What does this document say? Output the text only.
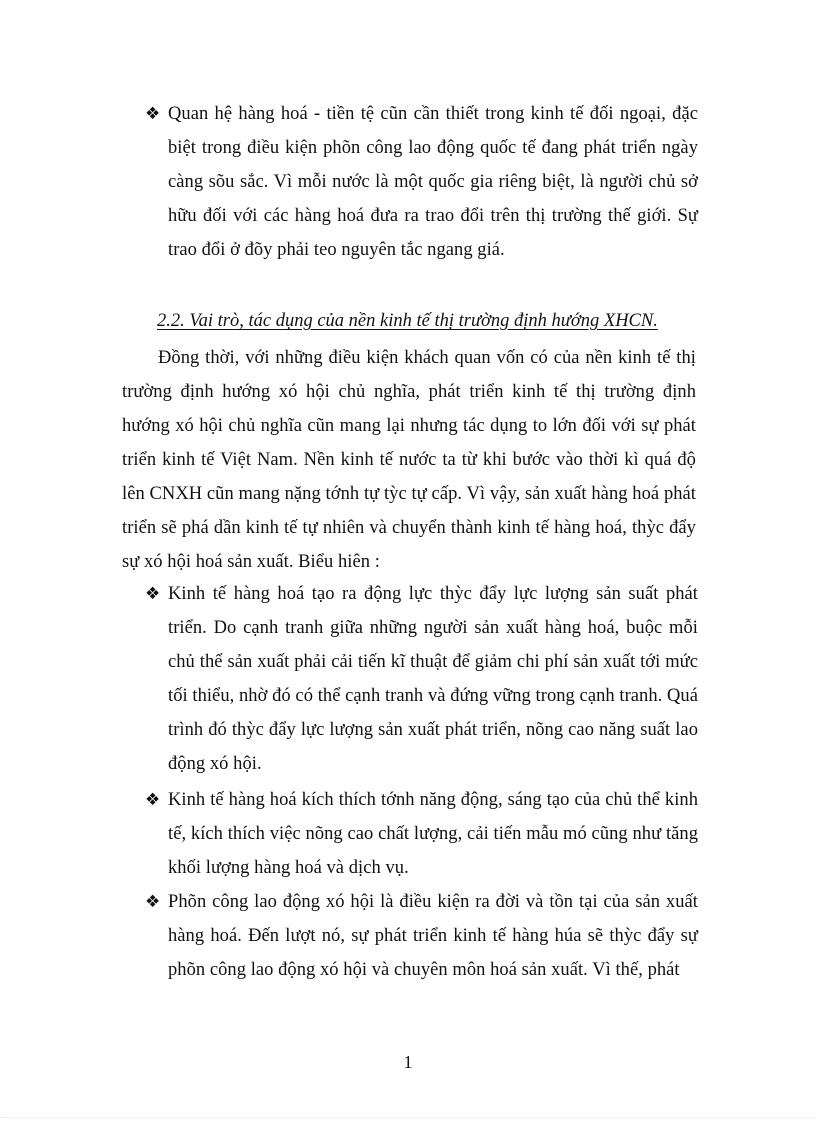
❖ Quan hệ hàng hoá - tiền tệ cũn cần thiết trong kinh tế đối ngoại, đặc biệt trong điều kiện phõn công lao động quốc tế đang phát triển ngày càng sõu sắc. Vì mỗi nước là một quốc gia riêng biệt, là người chủ sở hữu đối với các hàng hoá đưa ra trao đổi trên thị trường thế giới. Sự trao đổi ở đõy phải teo nguyên tắc ngang giá.
2.2. Vai trò, tác dụng của nền kinh tế thị trường định hướng XHCN.
Đồng thời, với những điều kiện khách quan vốn có của nền kinh tế thị trường định hướng xó hội chủ nghĩa, phát triển kinh tế thị trường định hướng xó hội chủ nghĩa cũn mang lại nhưng tác dụng to lớn đối với sự phát triển kinh tế Việt Nam. Nền kinh tế nước ta từ khi bước vào thời kì quá độ lên CNXH cũn mang nặng tớnh tự tỳc tự cấp. Vì vậy, sản xuất hàng hoá phát triển sẽ phá dần kinh tế tự nhiên và chuyển thành kinh tế hàng hoá, thỳc đẩy sự xó hội hoá sản xuất. Biểu hiên :
❖ Kinh tế hàng hoá tạo ra động lực thỳc đẩy lực lượng sản suất phát triển. Do cạnh tranh giữa những người sản xuất hàng hoá, buộc mỗi chủ thể sản xuất phải cải tiến kĩ thuật để giảm chi phí sản xuất tới mức tối thiểu, nhờ đó có thể cạnh tranh và đứng vững trong cạnh tranh. Quá trình đó thỳc đẩy lực lượng sản xuất phát triển, nõng cao năng suất lao động xó hội.
❖ Kinh tế hàng hoá kích thích tớnh năng động, sáng tạo của chủ thể kinh tế, kích thích việc nõng cao chất lượng, cải tiến mẫu mó cũng như tăng khối lượng hàng hoá và dịch vụ.
❖ Phõn công lao động xó hội là điều kiện ra đời và tồn tại của sản xuất hàng hoá. Đến lượt nó, sự phát triển kinh tế hàng húa sẽ thỳc đẩy sự phõn công lao động xó hội và chuyên môn hoá sản xuất. Vì thế, phát
1
